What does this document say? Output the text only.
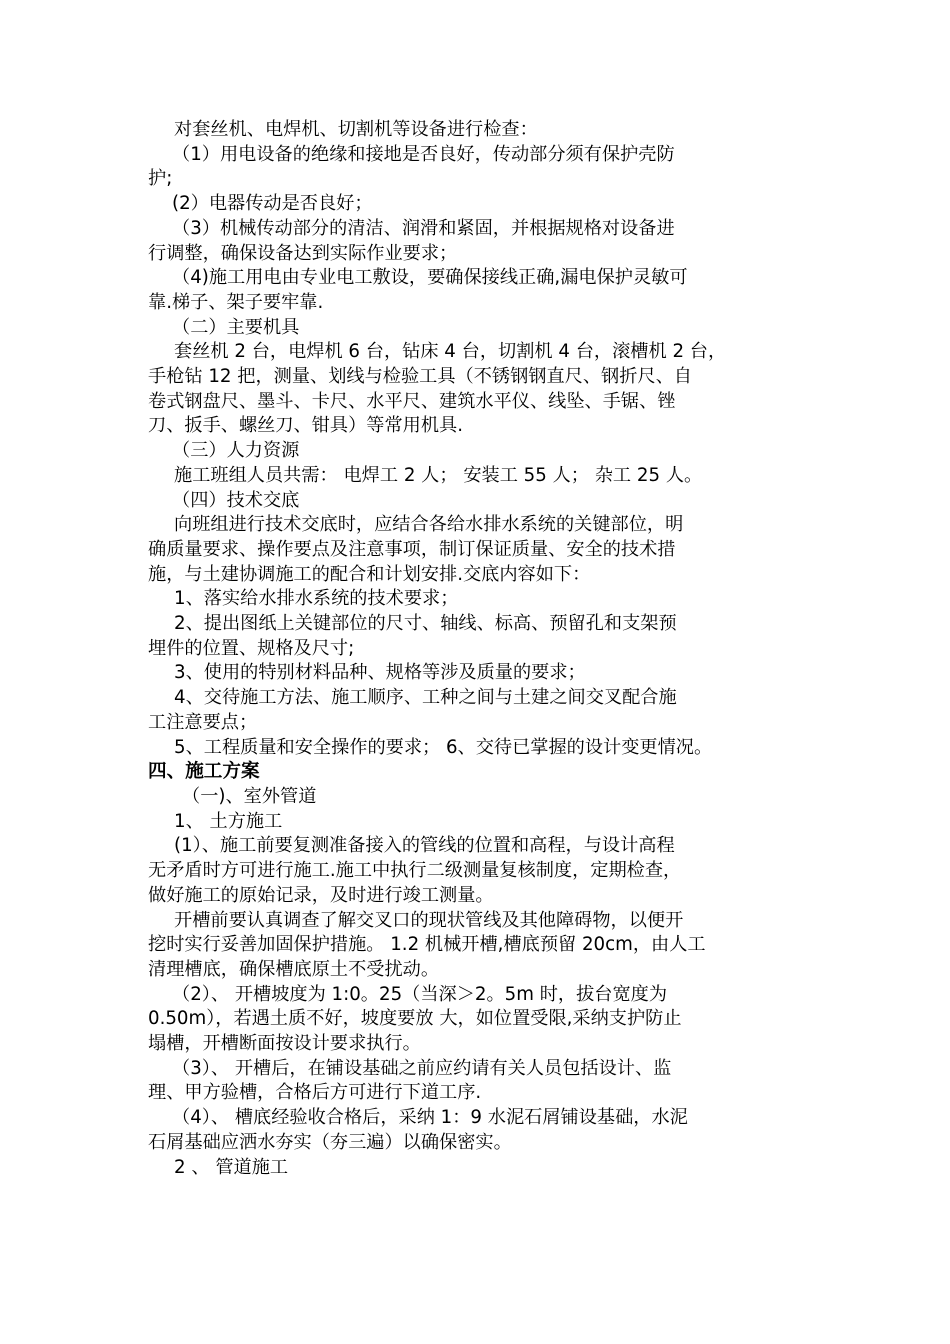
对套丝机、电焊机、切割机等设备进行检查：
（1）用电设备的绝缘和接地是否良好，传动部分须有保护壳防
护;
(2）电器传动是否良好；
（3）机械传动部分的清洁、润滑和紧固，并根据规格对设备进
行调整，确保设备达到实际作业要求；
（4)施工用电由专业电工敷设，要确保接线正确,漏电保护灵敏可
靠.梯子、架子要牢靠.
（二）主要机具
套丝机 2 台，电焊机 6 台，钻床 4 台，切割机 4 台，滚槽机 2 台，
手枪钻 12 把，测量、划线与检验工具（不锈钢钢直尺、钢折尺、自
卷式钢盘尺、墨斗、卡尺、水平尺、建筑水平仪、线坠、手锯、锉
刀、扳手、螺丝刀、钳具）等常用机具.
（三）人力资源
施工班组人员共需： 电焊工 2 人； 安装工 55 人； 杂工 25 人。
（四）技术交底
向班组进行技术交底时，应结合各给水排水系统的关键部位，明
确质量要求、操作要点及注意事项，制订保证质量、安全的技术措
施，与土建协调施工的配合和计划安排.交底内容如下：
1、落实给水排水系统的技术要求；
2、提出图纸上关键部位的尺寸、轴线、标高、预留孔和支架预
埋件的位置、规格及尺寸;
3、使用的特别材料品种、规格等涉及质量的要求；
4、交待施工方法、施工顺序、工种之间与土建之间交叉配合施
工注意要点；
5、工程质量和安全操作的要求； 6、交待已掌握的设计变更情况。
四、施工方案
（一)、室外管道
1、 土方施工
(1）、施工前要复测准备接入的管线的位置和高程，与设计高程
无矛盾时方可进行施工.施工中执行二级测量复核制度，定期检查，
做好施工的原始记录，及时进行竣工测量。
开槽前要认真调查了解交叉口的现状管线及其他障碍物，以便开
挖时实行妥善加固保护措施。 1.2 机械开槽,槽底预留 20cm，由人工
清理槽底，确保槽底原土不受扰动。
（2）、 开槽坡度为 1:0。25（当深＞2。5m 时，拔台宽度为
0.50m），若遇土质不好，坡度要放 大，如位置受限,采纳支护防止
塌槽，开槽断面按设计要求执行。
（3）、 开槽后，在铺设基础之前应约请有关人员包括设计、监
理、甲方验槽，合格后方可进行下道工序.
（4）、 槽底经验收合格后，采纳 1：9 水泥石屑铺设基础，水泥
石屑基础应洒水夯实（夯三遍）以确保密实。
2 、 管道施工
